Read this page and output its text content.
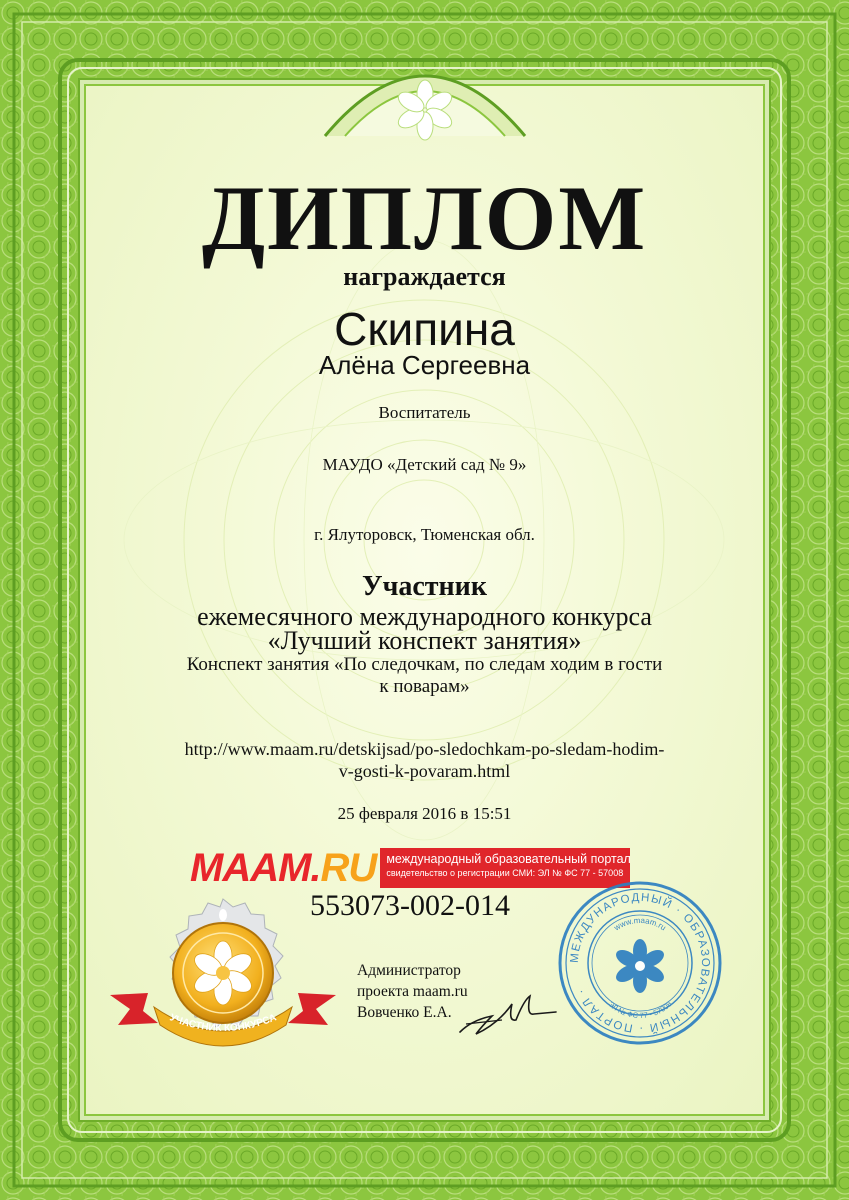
ДИПЛОМ
награждается
Скипина
Алёна Сергеевна
Воспитатель
МАУДО «Детский сад № 9»
г. Ялуторовск, Тюменская обл.
Участник
ежемесячного международного конкурса
«Лучший конспект занятия»
Конспект занятия «По следочкам, по следам ходим в гости
к поварам»
http://www.maam.ru/detskijsad/po-sledochkam-po-sledam-hodim-
v-gosti-k-povaram.html
25 февраля 2016 в 15:51
MAAM.RU международный образовательный портал
свидетельство о регистрации СМИ: ЭЛ № ФС 77 - 57008
553073-002-014
УЧАСТНИК КОНКУРСА
Администратор
проекта maam.ru
Вовченко Е.А.
МЕЖДУНАРОДНЫЙ · ОБРАЗОВАТЕЛЬНЫЙ · ПОРТАЛ ·
www.maam.ru
ЭЛ № ФС 77 - 57008
